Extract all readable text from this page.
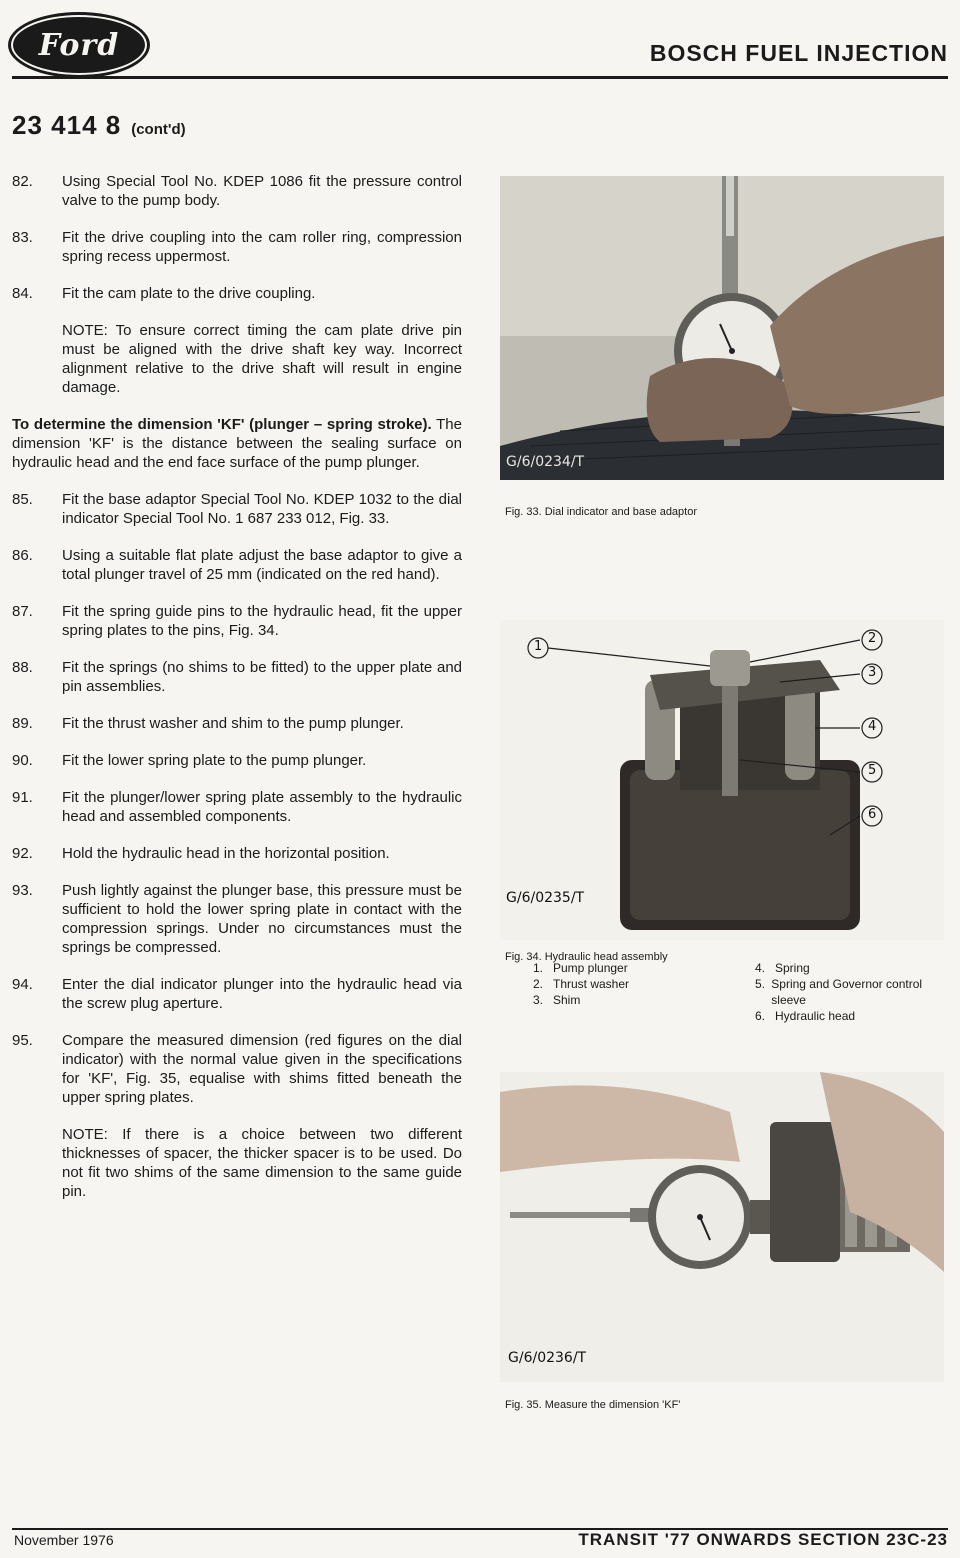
Ford	BOSCH FUEL INJECTION
23 414 8 (cont'd)
82.	Using Special Tool No. KDEP 1086 fit the pressure control valve to the pump body.
83.	Fit the drive coupling into the cam roller ring, compression spring recess uppermost.
84.	Fit the cam plate to the drive coupling.
NOTE: To ensure correct timing the cam plate drive pin must be aligned with the drive shaft key way. Incorrect alignment relative to the drive shaft will result in engine damage.
To determine the dimension 'KF' (plunger – spring stroke). The dimension 'KF' is the distance between the sealing surface on hydraulic head and the end face surface of the pump plunger.
85.	Fit the base adaptor Special Tool No. KDEP 1032 to the dial indicator Special Tool No. 1 687 233 012, Fig. 33.
86.	Using a suitable flat plate adjust the base adaptor to give a total plunger travel of 25 mm (indicated on the red hand).
87.	Fit the spring guide pins to the hydraulic head, fit the upper spring plates to the pins, Fig. 34.
88.	Fit the springs (no shims to be fitted) to the upper plate and pin assemblies.
89.	Fit the thrust washer and shim to the pump plunger.
90.	Fit the lower spring plate to the pump plunger.
91.	Fit the plunger/lower spring plate assembly to the hydraulic head and assembled components.
92.	Hold the hydraulic head in the horizontal position.
93.	Push lightly against the plunger base, this pressure must be sufficient to hold the lower spring plate in contact with the compression springs. Under no circumstances must the springs be compressed.
94.	Enter the dial indicator plunger into the hydraulic head via the screw plug aperture.
95.	Compare the measured dimension (red figures on the dial indicator) with the normal value given in the specifications for 'KF', Fig. 35, equalise with shims fitted beneath the upper spring plates.
NOTE: If there is a choice between two different thicknesses of spacer, the thicker spacer is to be used. Do not fit two shims of the same dimension to the same guide pin.
G/6/0234/T
Fig. 33. Dial indicator and base adaptor
1
2
3
4
5
6
G/6/0235/T
Fig. 34. Hydraulic head assembly
1. Pump plunger
2. Thrust washer
3. Shim
4. Spring
5. Spring and Governor control sleeve
6. Hydraulic head
G/6/0236/T
Fig. 35. Measure the dimension 'KF'
November 1976	TRANSIT '77 ONWARDS SECTION 23C-23
